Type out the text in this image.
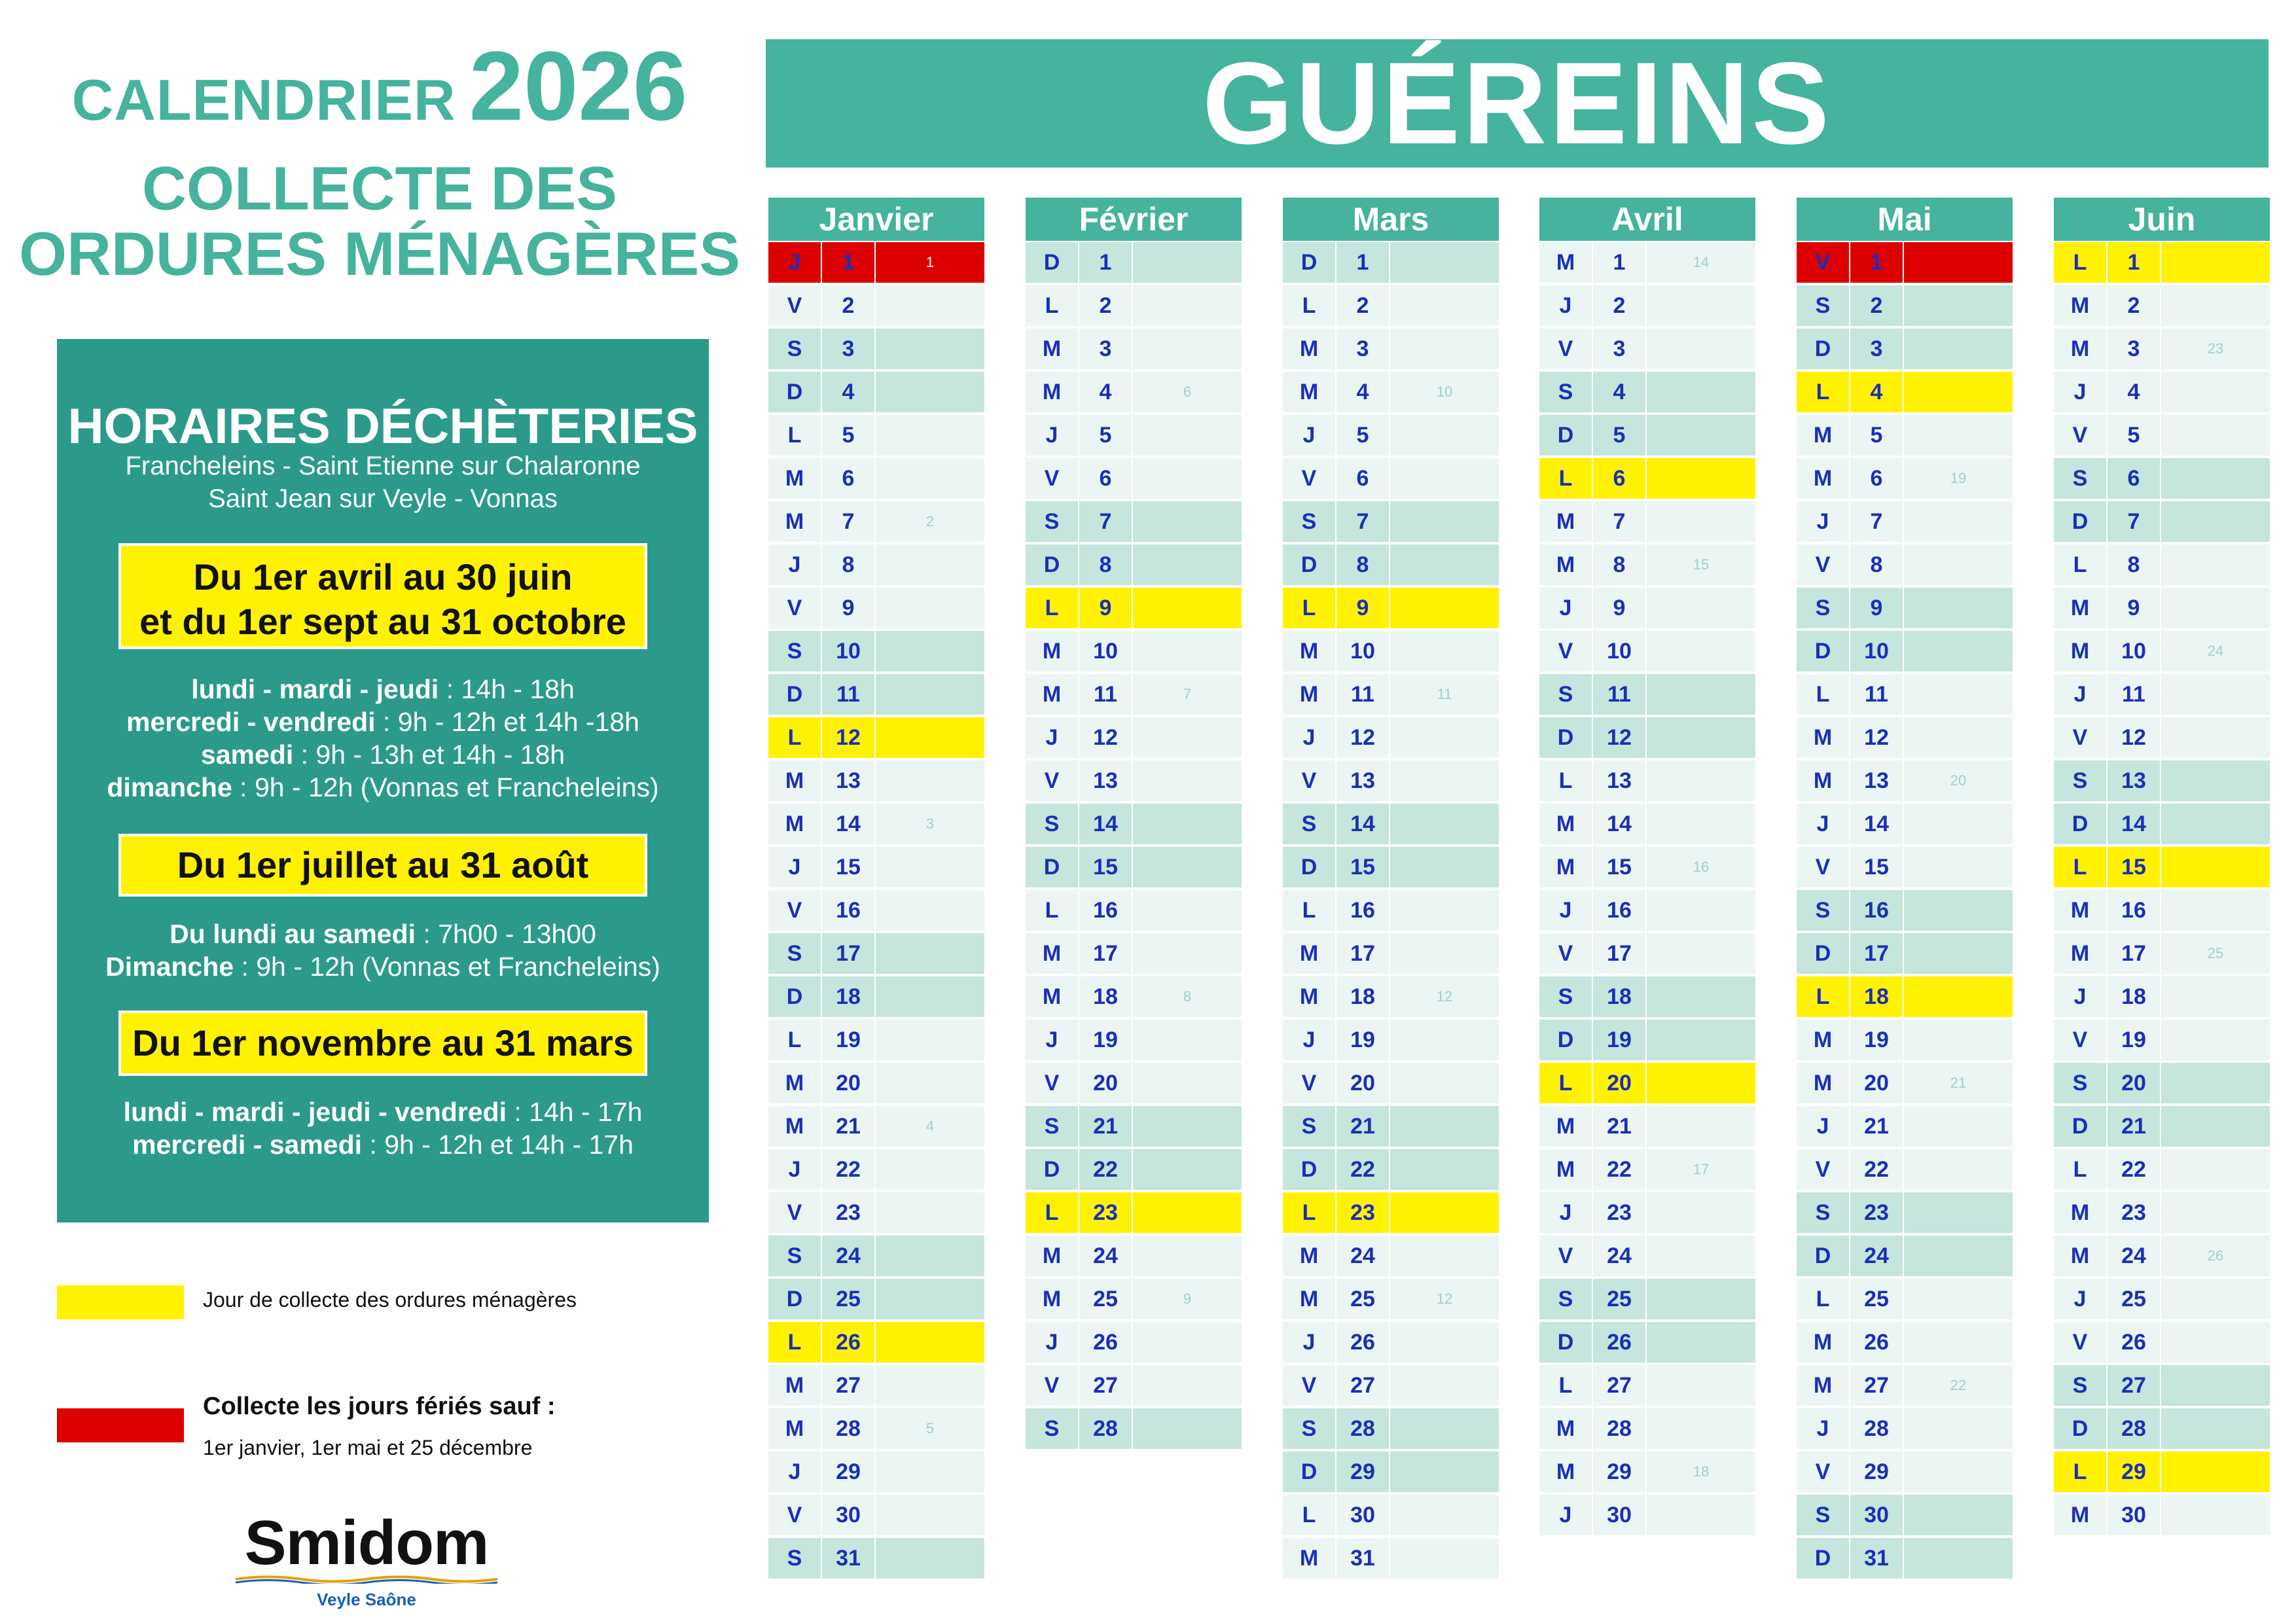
CALENDRIER 2026
COLLECTE DES
ORDURES MÉNAGÈRES
HORAIRES DÉCHÈTERIES
Francheleins - Saint Etienne sur Chalaronne
Saint Jean sur Veyle - Vonnas
Du 1er avril au 30 juin
et du 1er sept au 31 octobre
lundi - mardi - jeudi : 14h - 18h
mercredi - vendredi : 9h - 12h et 14h -18h
samedi : 9h - 13h et 14h - 18h
dimanche : 9h - 12h (Vonnas et Francheleins)
Du 1er juillet au 31 août
Du lundi au samedi : 7h00 - 13h00
Dimanche : 9h - 12h (Vonnas et Francheleins)
Du 1er novembre au 31 mars
lundi - mardi - jeudi - vendredi : 14h - 17h
mercredi - samedi : 9h - 12h et 14h - 17h
Jour de collecte des ordures ménagères
Collecte les jours fériés sauf :
1er janvier, 1er mai et 25 décembre
Smidom
Veyle Saône
GUÉREINS
Janvier
J	1	1
V	2
S	3
D	4
L	5
M	6
M	7	2
J	8
V	9
S	10
D	11
L	12
M	13
M	14	3
J	15
V	16
S	17
D	18
L	19
M	20
M	21	4
J	22
V	23
S	24
D	25
L	26
M	27
M	28	5
J	29
V	30
S	31
Février
D	1
L	2
M	3
M	4	6
J	5
V	6
S	7
D	8
L	9
M	10
M	11	7
J	12
V	13
S	14
D	15
L	16
M	17
M	18	8
J	19
V	20
S	21
D	22
L	23
M	24
M	25	9
J	26
V	27
S	28
Mars
D	1
L	2
M	3
M	4	10
J	5
V	6
S	7
D	8
L	9
M	10
M	11	11
J	12
V	13
S	14
D	15
L	16
M	17
M	18	12
J	19
V	20
S	21
D	22
L	23
M	24
M	25	12
J	26
V	27
S	28
D	29
L	30
M	31
Avril
M	1	14
J	2
V	3
S	4
D	5
L	6
M	7
M	8	15
J	9
V	10
S	11
D	12
L	13
M	14
M	15	16
J	16
V	17
S	18
D	19
L	20
M	21
M	22	17
J	23
V	24
S	25
D	26
L	27
M	28
M	29	18
J	30
Mai
V	1
S	2
D	3
L	4
M	5
M	6	19
J	7
V	8
S	9
D	10
L	11
M	12
M	13	20
J	14
V	15
S	16
D	17
L	18
M	19
M	20	21
J	21
V	22
S	23
D	24
L	25
M	26
M	27	22
J	28
V	29
S	30
D	31
Juin
L	1
M	2
M	3	23
J	4
V	5
S	6
D	7
L	8
M	9
M	10	24
J	11
V	12
S	13
D	14
L	15
M	16
M	17	25
J	18
V	19
S	20
D	21
L	22
M	23
M	24	26
J	25
V	26
S	27
D	28
L	29
M	30
